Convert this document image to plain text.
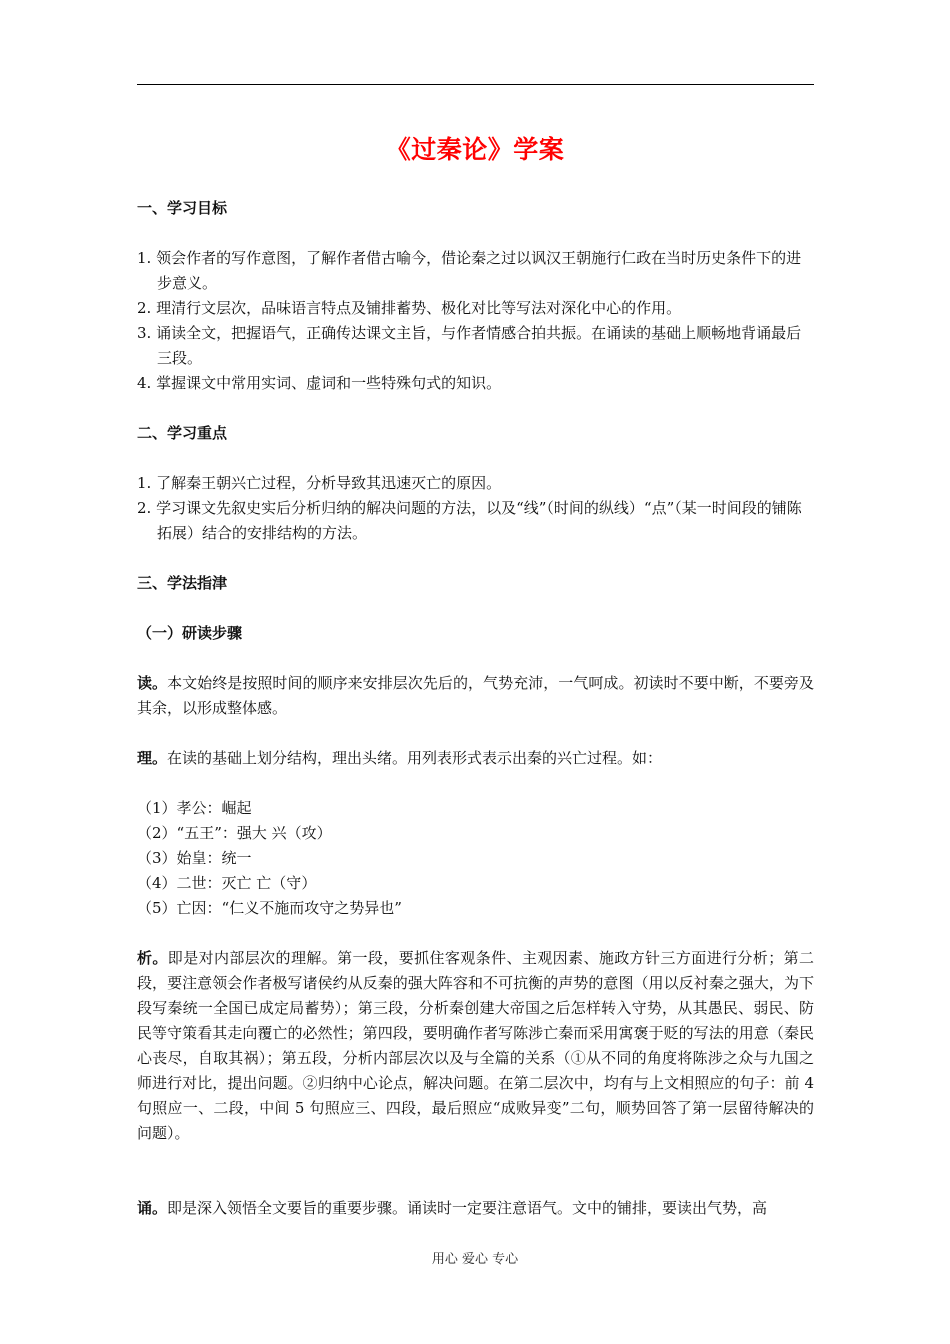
《过秦论》学案

一、学习目标

1. 领会作者的写作意图，了解作者借古喻今，借论秦之过以讽汉王朝施行仁政在当时历史条件下的进步意义。

2. 理清行文层次，品味语言特点及铺排蓄势、极化对比等写法对深化中心的作用。

3. 诵读全文，把握语气，正确传达课文主旨，与作者情感合拍共振。在诵读的基础上顺畅地背诵最后三段。

4. 掌握课文中常用实词、虚词和一些特殊句式的知识。

二、学习重点

1. 了解秦王朝兴亡过程，分析导致其迅速灭亡的原因。

2. 学习课文先叙史实后分析归纳的解决问题的方法，以及“线”（时间的纵线）“点”（某一时间段的铺陈拓展）结合的安排结构的方法。

三、学法指津

（一）研读步骤

读。本文始终是按照时间的顺序来安排层次先后的，气势充沛，一气呵成。初读时不要中断，不要旁及其余，以形成整体感。

理。在读的基础上划分结构，理出头绪。用列表形式表示出秦的兴亡过程。如：

（1）孝公：崛起

（2）“五王”：强大 兴（攻）

（3）始皇：统一

（4）二世：灭亡 亡（守）

（5）亡因：“仁义不施而攻守之势异也”

析。即是对内部层次的理解。第一段，要抓住客观条件、主观因素、施政方针三方面进行分析；第二段，要注意领会作者极写诸侯约从反秦的强大阵容和不可抗衡的声势的意图（用以反衬秦之强大，为下段写秦统一全国已成定局蓄势）；第三段，分析秦创建大帝国之后怎样转入守势，从其愚民、弱民、防民等守策看其走向覆亡的必然性；第四段，要明确作者写陈涉亡秦而采用寓褒于贬的写法的用意（秦民心丧尽，自取其祸）；第五段，分析内部层次以及与全篇的关系（①从不同的角度将陈涉之众与九国之师进行对比，提出问题。②归纳中心论点，解决问题。在第二层次中，均有与上文相照应的句子：前 4 句照应一、二段，中间 5 句照应三、四段，最后照应“成败异变”二句，顺势回答了第一层留待解决的问题）。

诵。即是深入领悟全文要旨的重要步骤。诵读时一定要注意语气。文中的铺排，要读出气势，高

用心 爱心 专心
